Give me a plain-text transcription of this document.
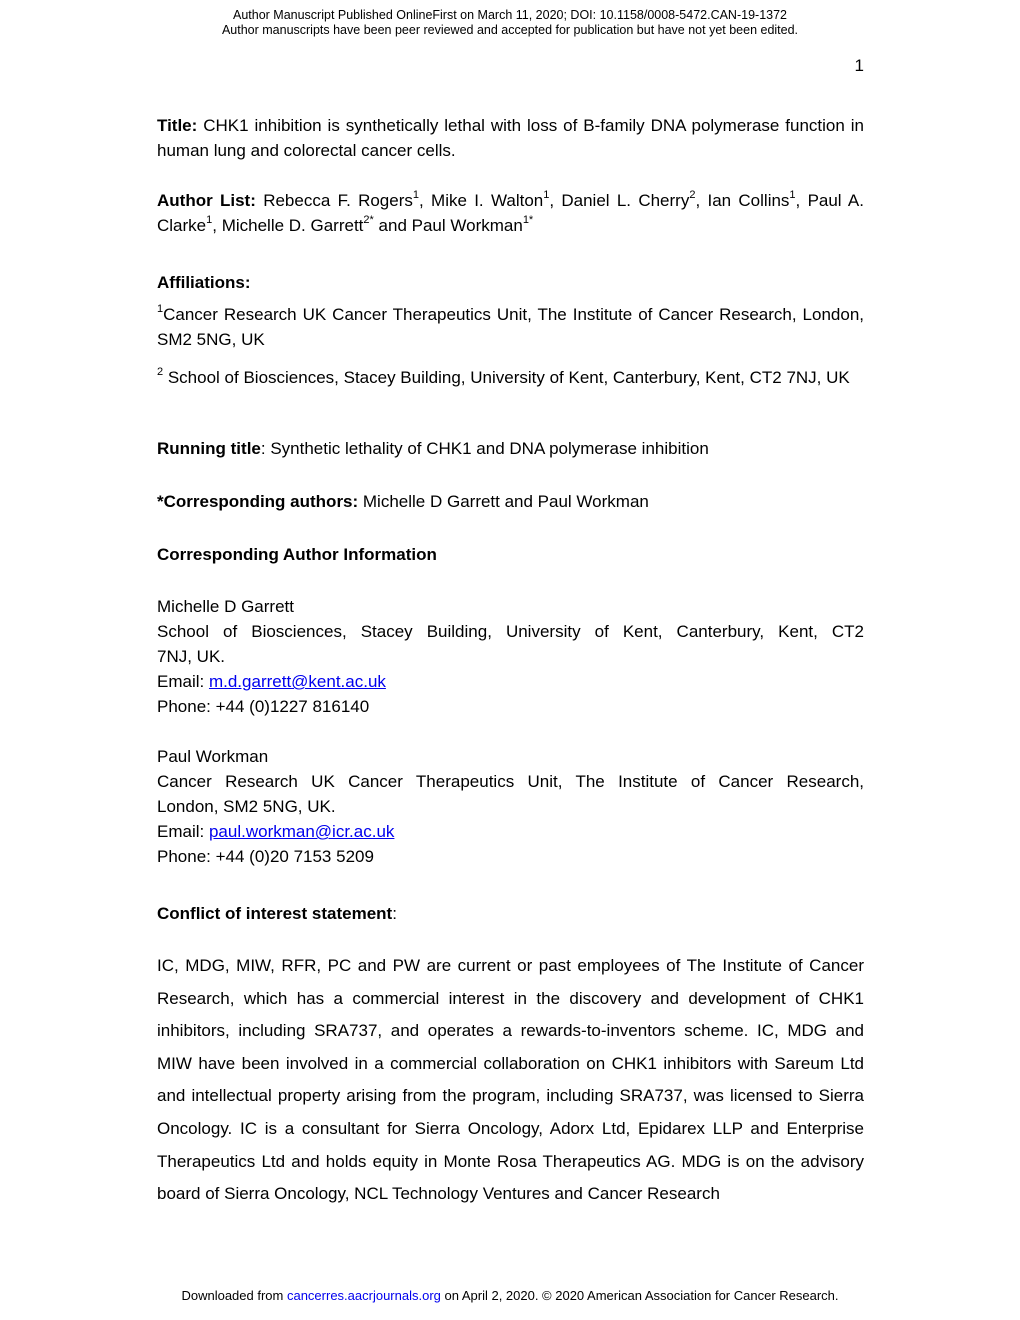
Author Manuscript Published OnlineFirst on March 11, 2020; DOI: 10.1158/0008-5472.CAN-19-1372
Author manuscripts have been peer reviewed and accepted for publication but have not yet been edited.
1
Title: CHK1 inhibition is synthetically lethal with loss of B-family DNA polymerase function in human lung and colorectal cancer cells.
Author List: Rebecca F. Rogers$^1$, Mike I. Walton$^1$, Daniel L. Cherry$^2$, Ian Collins$^1$, Paul A. Clarke$^1$, Michelle D. Garrett$^{2*}$ and Paul Workman$^{1*}$
Affiliations:
$^1$Cancer Research UK Cancer Therapeutics Unit, The Institute of Cancer Research, London, SM2 5NG, UK
$^2$ School of Biosciences, Stacey Building, University of Kent, Canterbury, Kent, CT2 7NJ, UK
Running title: Synthetic lethality of CHK1 and DNA polymerase inhibition
*Corresponding authors: Michelle D Garrett and Paul Workman
Corresponding Author Information
Michelle D Garrett
School of Biosciences, Stacey Building, University of Kent, Canterbury, Kent, CT2
7NJ, UK.
Email: m.d.garrett@kent.ac.uk
Phone: +44 (0)1227 816140
Paul Workman
Cancer Research UK Cancer Therapeutics Unit, The Institute of Cancer Research,
London, SM2 5NG, UK.
Email: paul.workman@icr.ac.uk
Phone: +44 (0)20 7153 5209
Conflict of interest statement:
IC, MDG, MIW, RFR, PC and PW are current or past employees of The Institute of Cancer Research, which has a commercial interest in the discovery and development of CHK1 inhibitors, including SRA737, and operates a rewards-to-inventors scheme. IC, MDG and MIW have been involved in a commercial collaboration on CHK1 inhibitors with Sareum Ltd and intellectual property arising from the program, including SRA737, was licensed to Sierra Oncology. IC is a consultant for Sierra Oncology, Adorx Ltd, Epidarex LLP and Enterprise Therapeutics Ltd and holds equity in Monte Rosa Therapeutics AG. MDG is on the advisory board of Sierra Oncology, NCL Technology Ventures and Cancer Research
Downloaded from cancerres.aacrjournals.org on April 2, 2020. © 2020 American Association for Cancer Research.
